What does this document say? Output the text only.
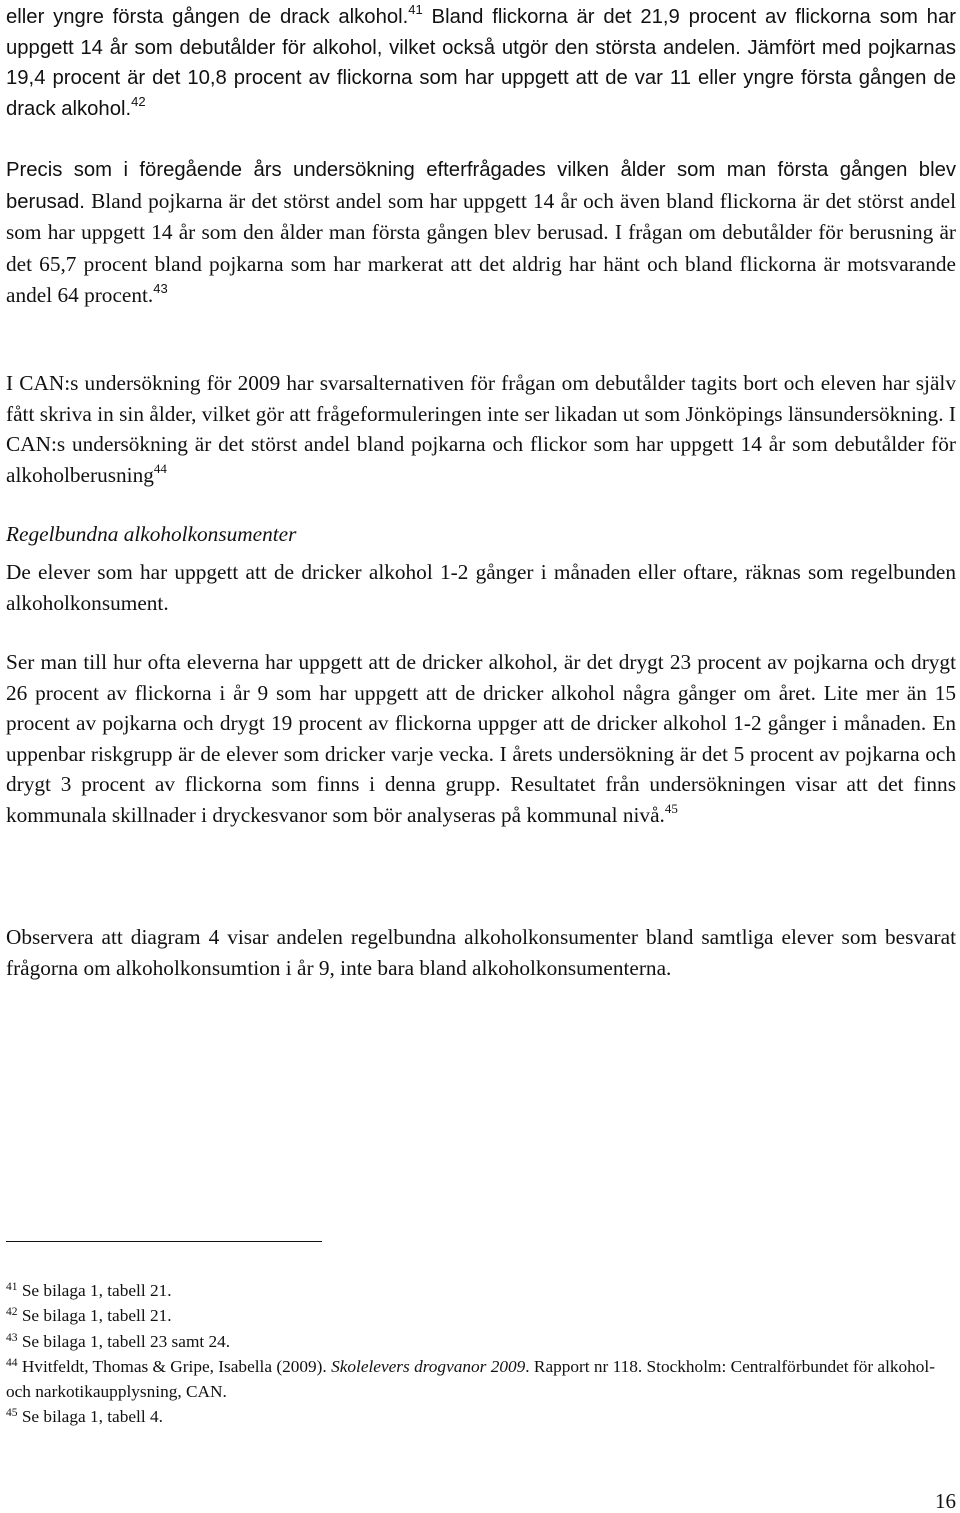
eller yngre första gången de drack alkohol.$^{41}$ Bland flickorna är det 21,9 procent av flickorna som har uppgett 14 år som debutålder för alkohol, vilket också utgör den största andelen. Jämfört med pojkarnas 19,4 procent är det 10,8 procent av flickorna som har uppgett att de var 11 eller yngre första gången de drack alkohol.$^{42}$

Precis som i föregående års undersökning efterfrågades vilken ålder som man första gången blev berusad. Bland pojkarna är det störst andel som har uppgett 14 år och även bland flickorna är det störst andel som har uppgett 14 år som den ålder man första gången blev berusad. I frågan om debutålder för berusning är det 65,7 procent bland pojkarna som har markerat att det aldrig har hänt och bland flickorna är motsvarande andel 64 procent.$^{43}$

I CAN:s undersökning för 2009 har svarsalternativen för frågan om debutålder tagits bort och eleven har själv fått skriva in sin ålder, vilket gör att frågeformuleringen inte ser likadan ut som Jönköpings länsundersökning. I CAN:s undersökning är det störst andel bland pojkarna och flickor som har uppgett 14 år som debutålder för alkoholberusning$^{44}$

Regelbundna alkoholkonsumenter

De elever som har uppgett att de dricker alkohol 1-2 gånger i månaden eller oftare, räknas som regelbunden alkoholkonsument.

Ser man till hur ofta eleverna har uppgett att de dricker alkohol, är det drygt 23 procent av pojkarna och drygt 26 procent av flickorna i år 9 som har uppgett att de dricker alkohol några gånger om året. Lite mer än 15 procent av pojkarna och drygt 19 procent av flickorna uppger att de dricker alkohol 1-2 gånger i månaden. En uppenbar riskgrupp är de elever som dricker varje vecka. I årets undersökning är det 5 procent av pojkarna och drygt 3 procent av flickorna som finns i denna grupp. Resultatet från undersökningen visar att det finns kommunala skillnader i dryckesvanor som bör analyseras på kommunal nivå.$^{45}$

Observera att diagram 4 visar andelen regelbundna alkoholkonsumenter bland samtliga elever som besvarat frågorna om alkoholkonsumtion i år 9, inte bara bland alkoholkonsumenterna.

$^{41}$ Se bilaga 1, tabell 21.

$^{42}$ Se bilaga 1, tabell 21.

$^{43}$ Se bilaga 1, tabell 23 samt 24.

$^{44}$ Hvitfeldt, Thomas & Gripe, Isabella (2009). Skolelevers drogvanor 2009. Rapport nr 118. Stockholm: Centralförbundet för alkohol- och narkotikaupplysning, CAN.

$^{45}$ Se bilaga 1, tabell 4.

16
